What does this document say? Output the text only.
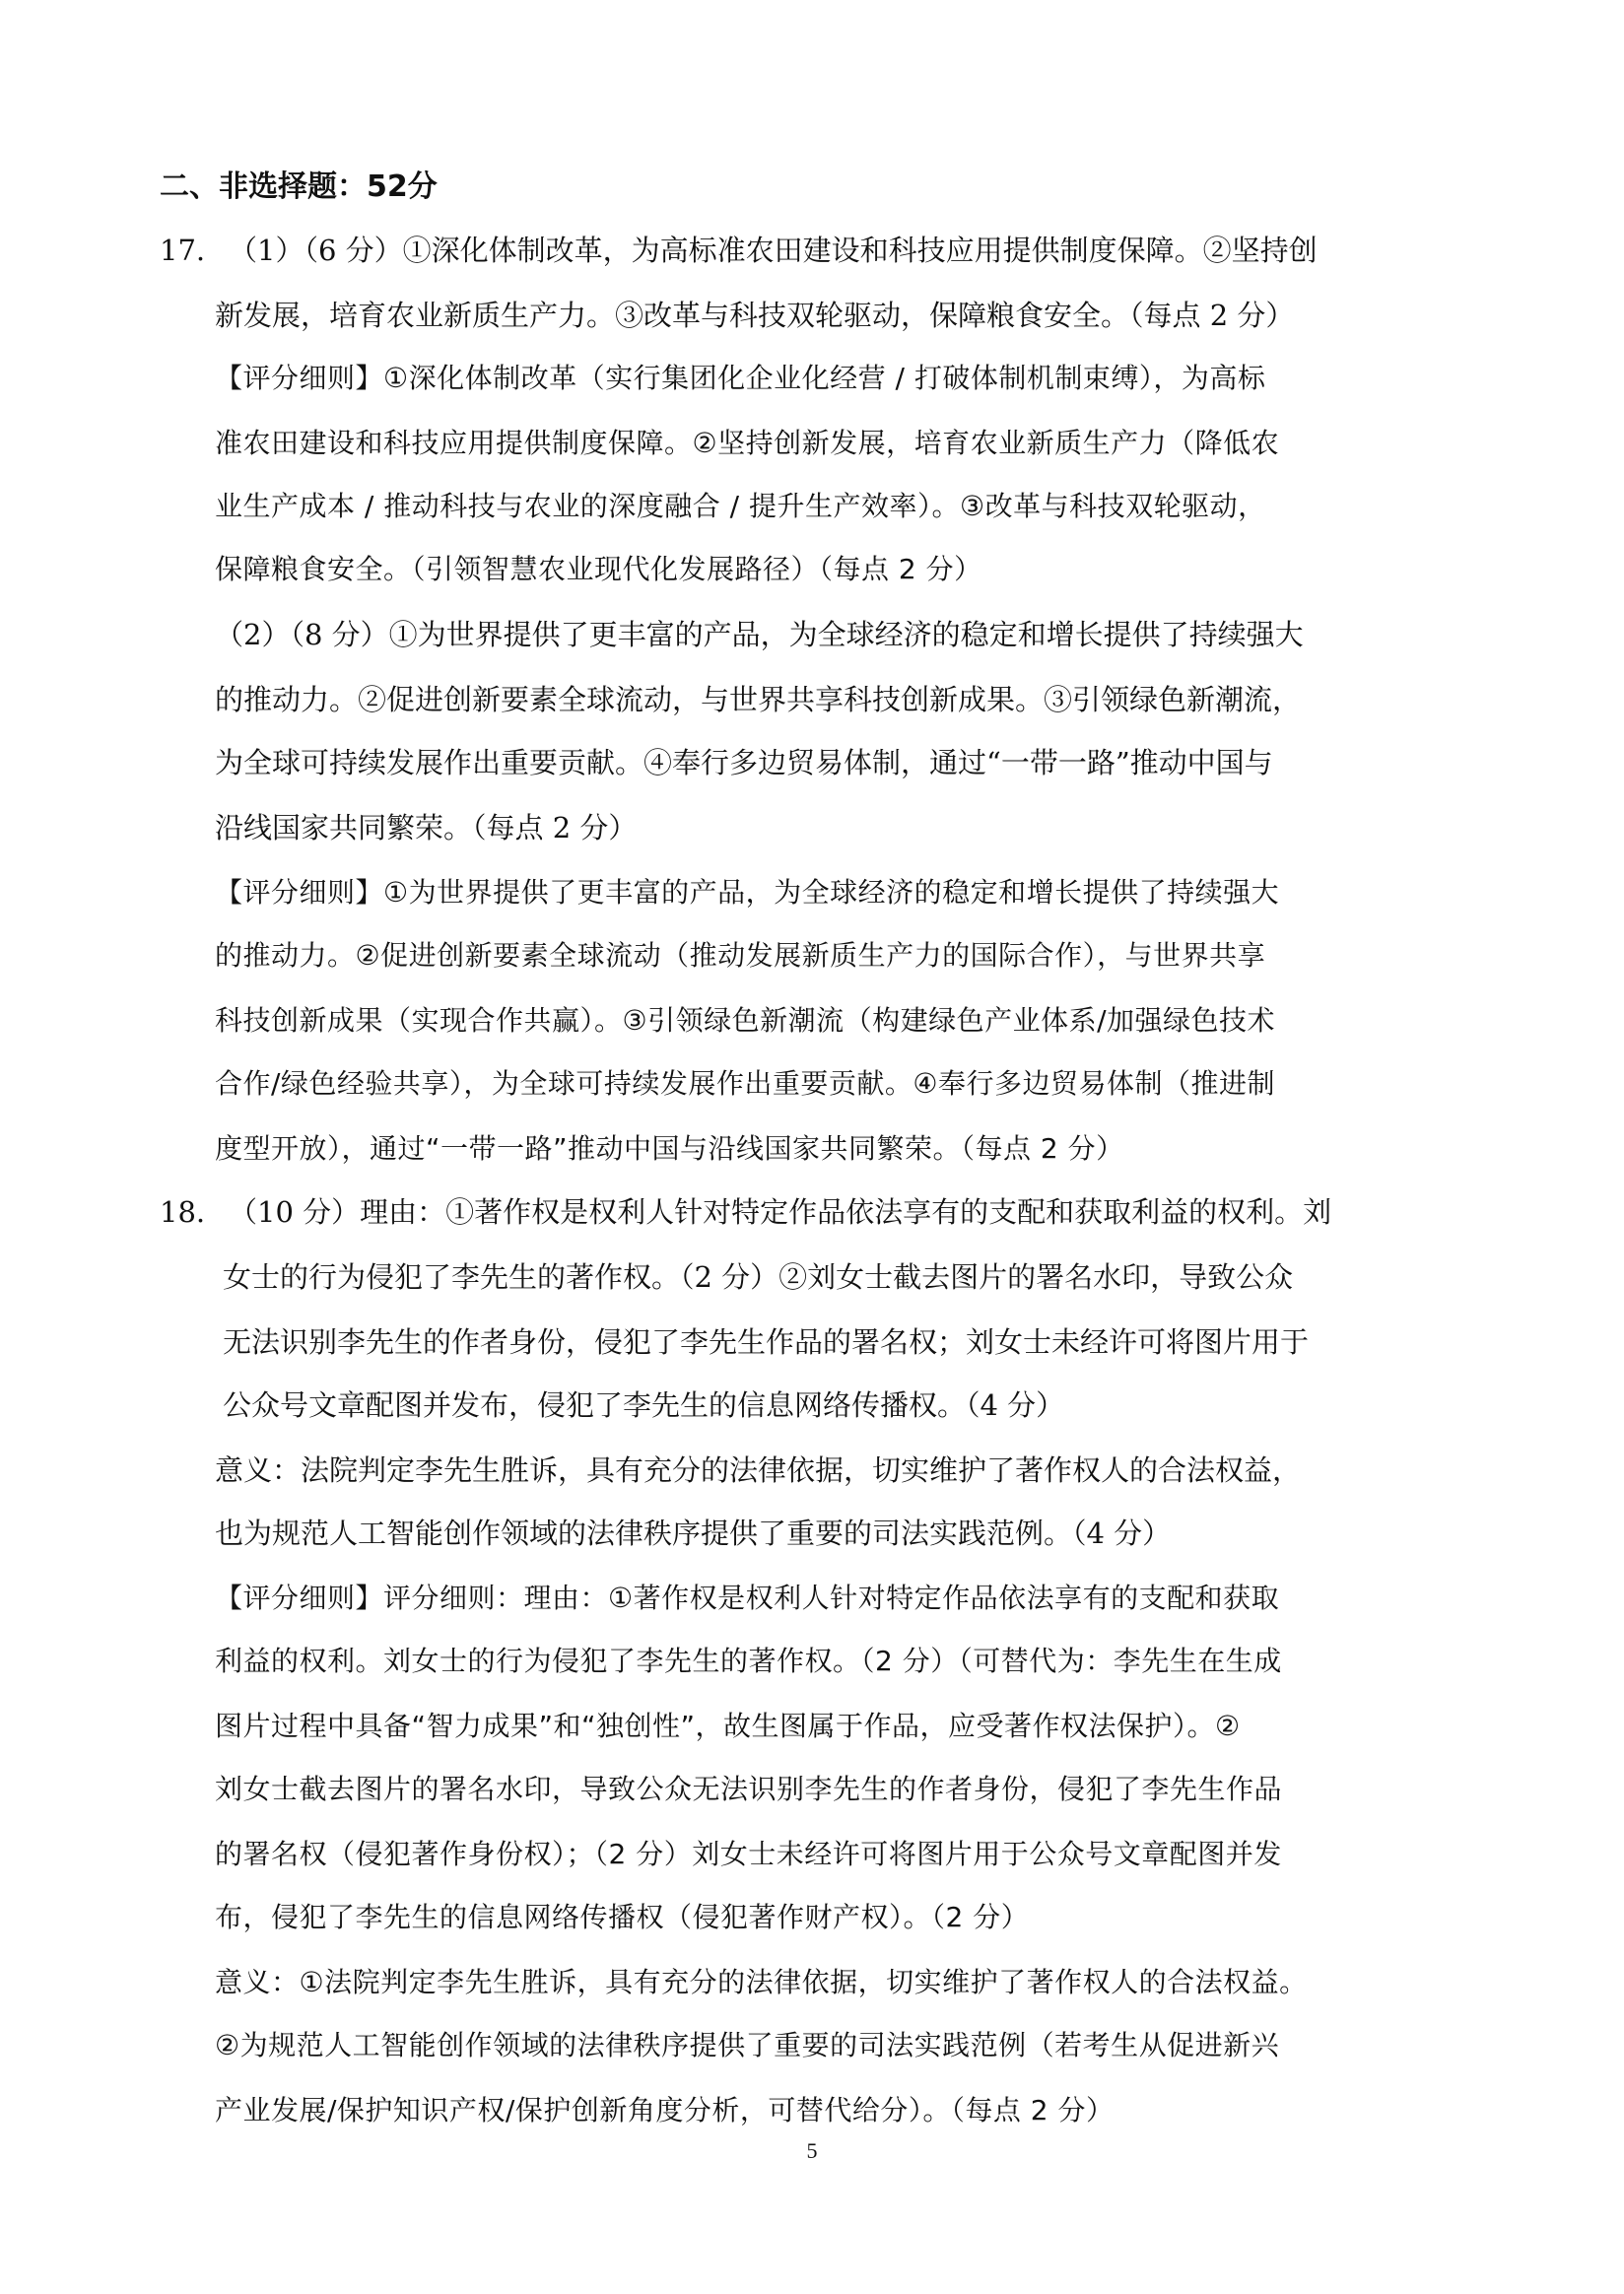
二、非选择题：52分
17. （1）（6 分）①深化体制改革，为高标准农田建设和科技应用提供制度保障。②坚持创
新发展，培育农业新质生产力。③改革与科技双轮驱动，保障粮食安全。（每点 2 分）
【评分细则】①深化体制改革（实行集团化企业化经营 / 打破体制机制束缚），为高标
准农田建设和科技应用提供制度保障。②坚持创新发展，培育农业新质生产力（降低农
业生产成本 / 推动科技与农业的深度融合 / 提升生产效率）。③改革与科技双轮驱动，
保障粮食安全。（引领智慧农业现代化发展路径）（每点 2 分）
（2）（8 分）①为世界提供了更丰富的产品，为全球经济的稳定和增长提供了持续强大
的推动力。②促进创新要素全球流动，与世界共享科技创新成果。③引领绿色新潮流，
为全球可持续发展作出重要贡献。④奉行多边贸易体制，通过“一带一路”推动中国与
沿线国家共同繁荣。（每点 2 分）
【评分细则】①为世界提供了更丰富的产品，为全球经济的稳定和增长提供了持续强大
的推动力。②促进创新要素全球流动（推动发展新质生产力的国际合作），与世界共享
科技创新成果（实现合作共赢）。③引领绿色新潮流（构建绿色产业体系/加强绿色技术
合作/绿色经验共享），为全球可持续发展作出重要贡献。④奉行多边贸易体制（推进制
度型开放），通过“一带一路”推动中国与沿线国家共同繁荣。（每点 2 分）
18. （10 分）理由：①著作权是权利人针对特定作品依法享有的支配和获取利益的权利。刘
女士的行为侵犯了李先生的著作权。（2 分）②刘女士截去图片的署名水印，导致公众
无法识别李先生的作者身份，侵犯了李先生作品的署名权；刘女士未经许可将图片用于
公众号文章配图并发布，侵犯了李先生的信息网络传播权。（4 分）
意义：法院判定李先生胜诉，具有充分的法律依据，切实维护了著作权人的合法权益，
也为规范人工智能创作领域的法律秩序提供了重要的司法实践范例。（4 分）
【评分细则】评分细则：理由：①著作权是权利人针对特定作品依法享有的支配和获取
利益的权利。刘女士的行为侵犯了李先生的著作权。（2 分）（可替代为：李先生在生成
图片过程中具备“智力成果”和“独创性”，故生图属于作品，应受著作权法保护）。②
刘女士截去图片的署名水印，导致公众无法识别李先生的作者身份，侵犯了李先生作品
的署名权（侵犯著作身份权）；（2 分）刘女士未经许可将图片用于公众号文章配图并发
布，侵犯了李先生的信息网络传播权（侵犯著作财产权）。（2 分）
意义：①法院判定李先生胜诉，具有充分的法律依据，切实维护了著作权人的合法权益。
②为规范人工智能创作领域的法律秩序提供了重要的司法实践范例（若考生从促进新兴
产业发展/保护知识产权/保护创新角度分析，可替代给分）。（每点 2 分）
5
